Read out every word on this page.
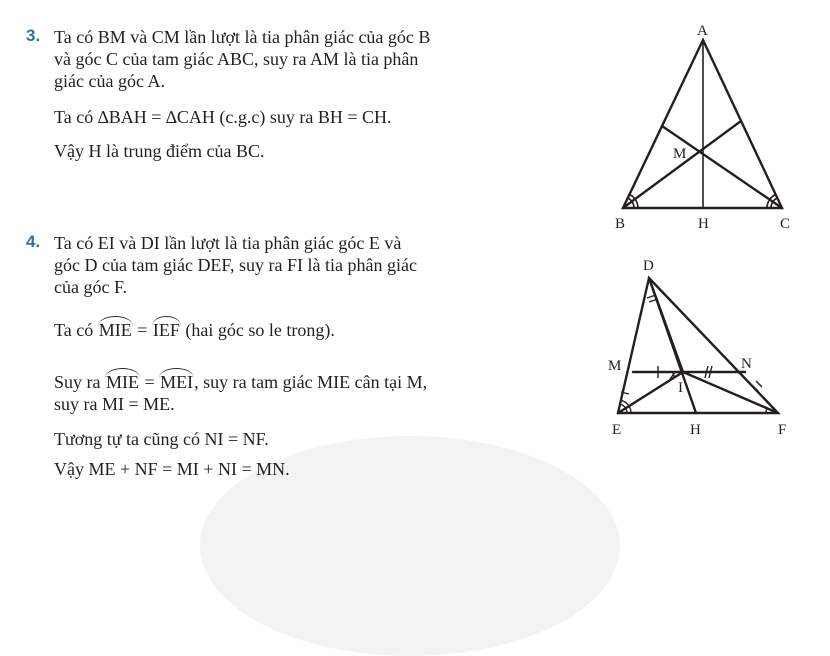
3. Ta có BM và CM lần lượt là tia phân giác của góc B
và góc C của tam giác ABC, suy ra AM là tia phân
giác của góc A.
Ta có ∆BAH = ∆CAH (c.g.c) suy ra BH = CH.
Vậy H là trung điểm của BC.
4. Ta có EI và DI lần lượt là tia phân giác góc E và
góc D của tam giác DEF, suy ra FI là tia phân giác
của góc F.
Ta có MIE = IEF (hai góc so le trong).
Suy ra MIE = MEI, suy ra tam giác MIE cân tại M,
suy ra MI = ME.
Tương tự ta cũng có NI = NF.
Vậy ME + NF = MI + NI = MN.
A
B	H	C
M
D
M	N
I
E	H	F
